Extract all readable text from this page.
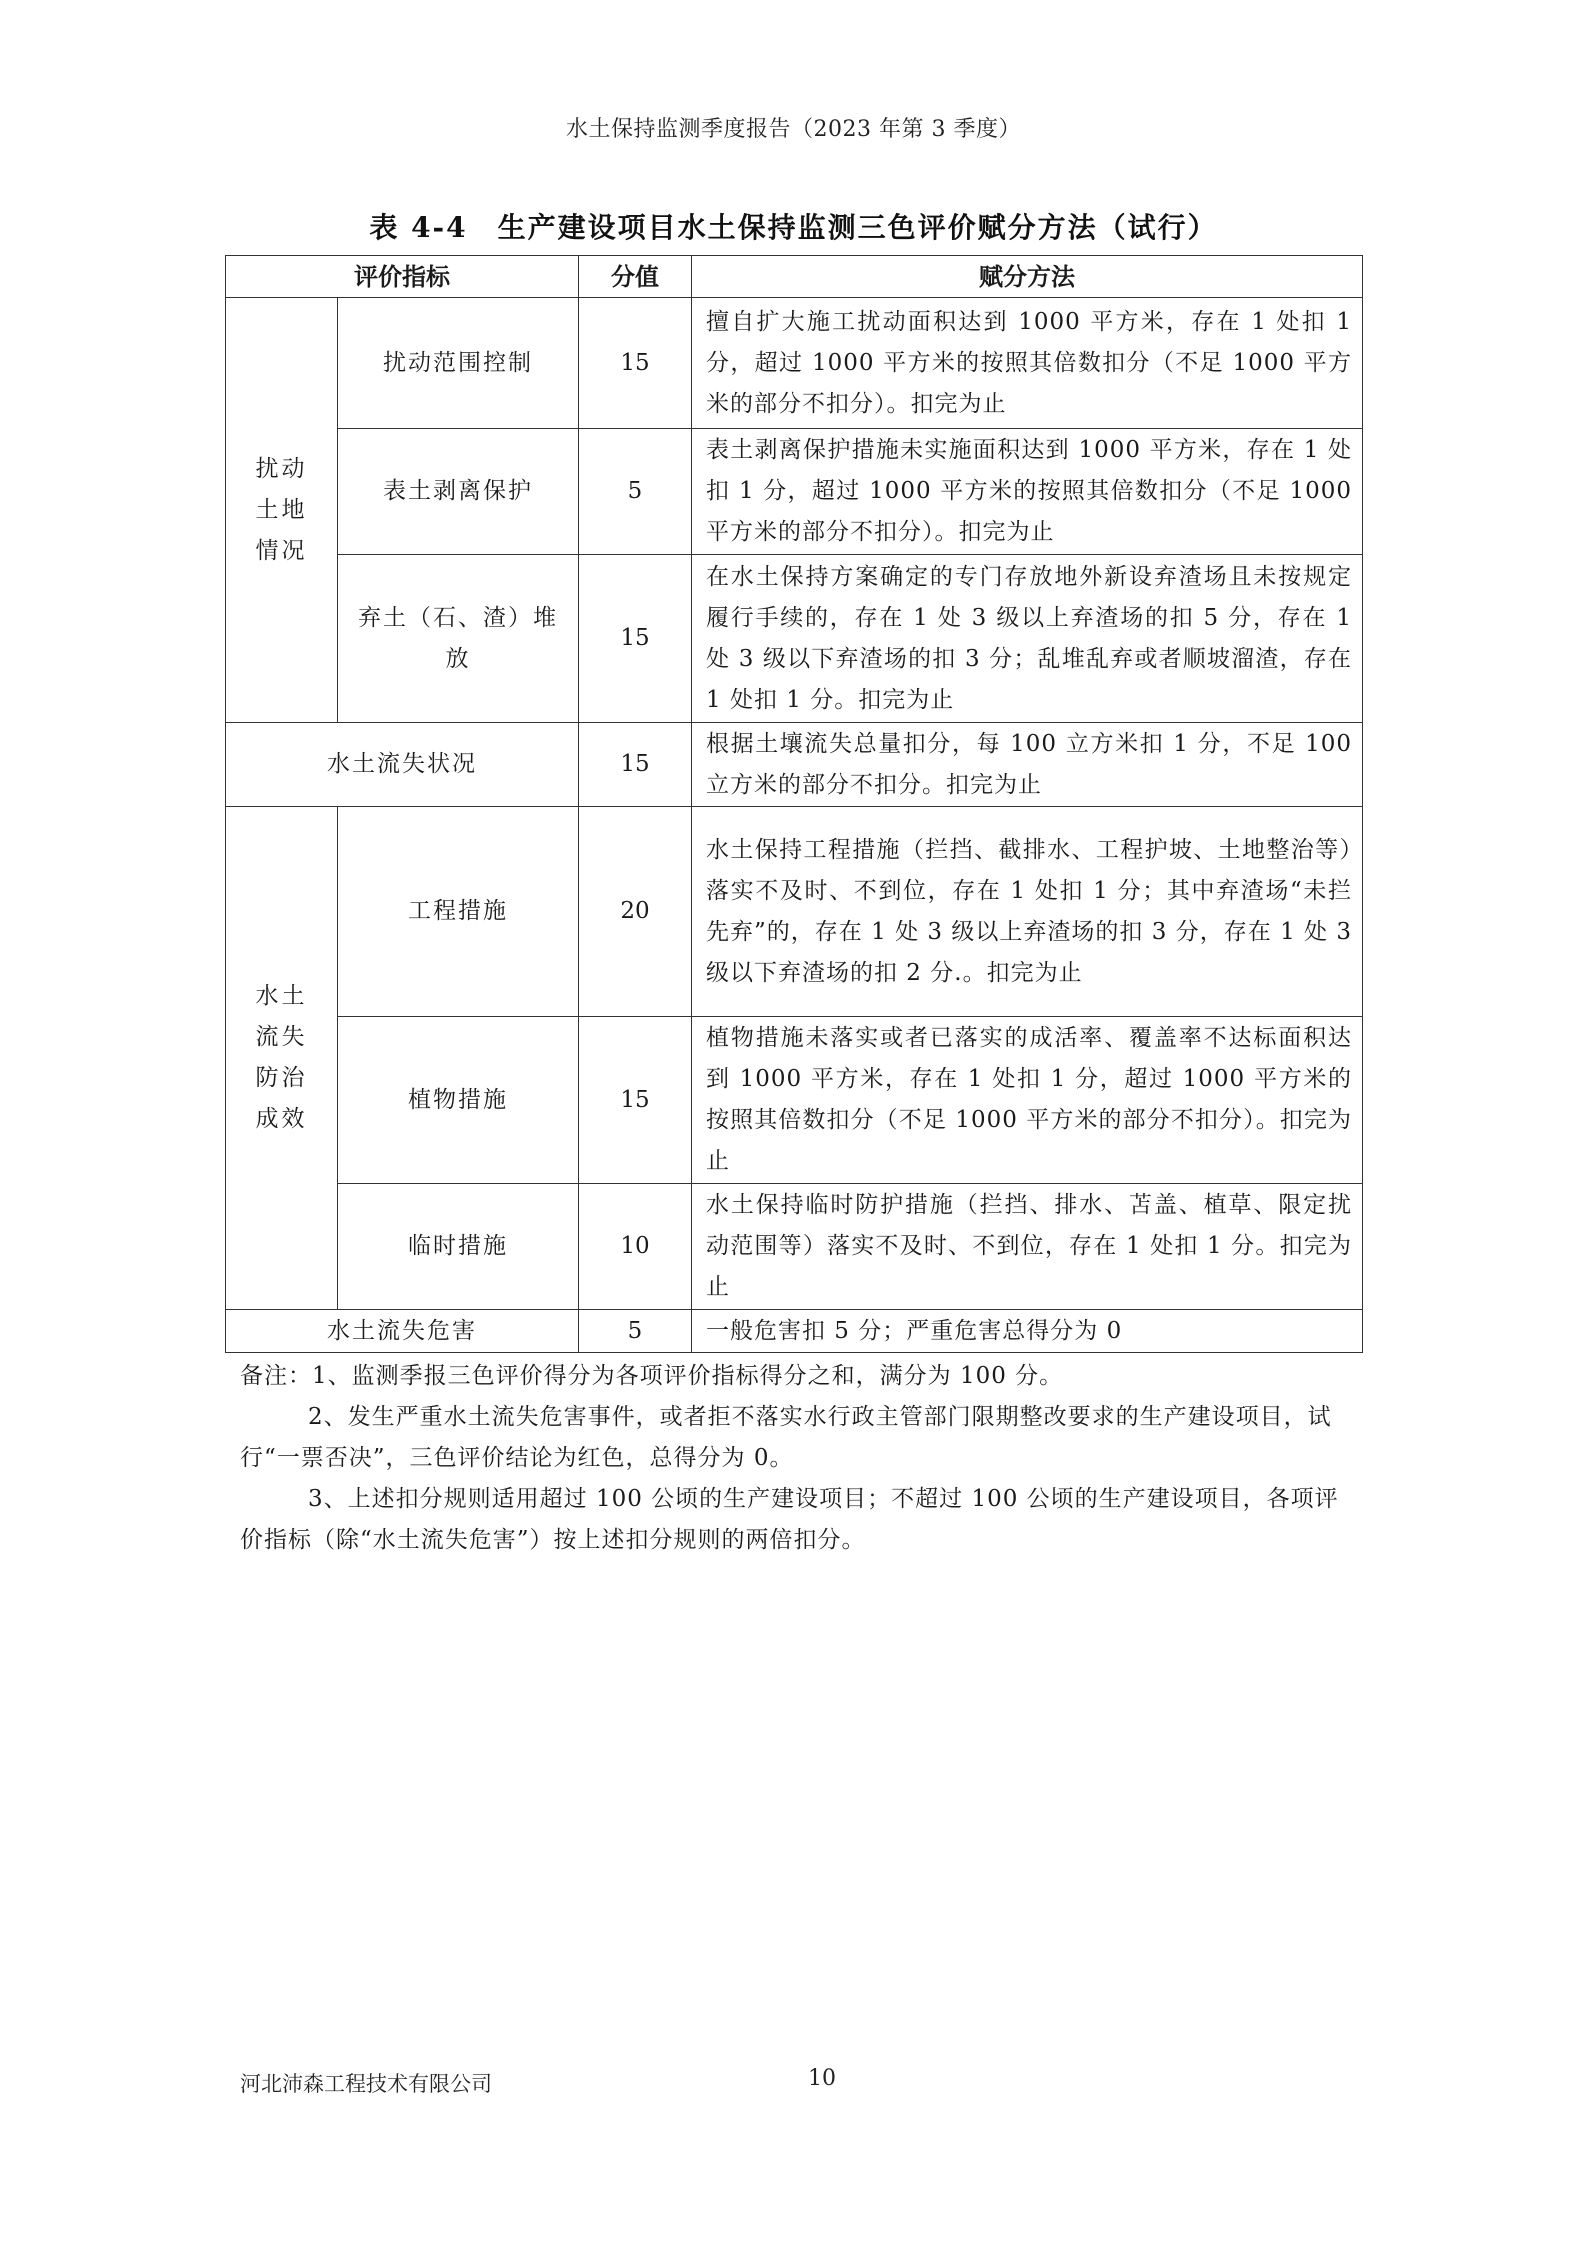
水土保持监测季度报告（2023 年第 3 季度）
表 4-4　生产建设项目水土保持监测三色评价赋分方法（试行）
评价指标		分值	赋分方法

扰动
土地
情况	扰动范围控制	15	擅自扩大施工扰动面积达到 1000 平方米，存在 1 处扣 1 分，超过 1000 平方米的按照其倍数扣分（不足 1000 平方米的部分不扣分）。扣完为止
	表土剥离保护	5	表土剥离保护措施未实施面积达到 1000 平方米，存在 1 处扣 1 分，超过 1000 平方米的按照其倍数扣分（不足 1000 平方米的部分不扣分）。扣完为止
	弃土（石、渣）堆放	15	在水土保持方案确定的专门存放地外新设弃渣场且未按规定履行手续的，存在 1 处 3 级以上弃渣场的扣 5 分，存在 1 处 3 级以下弃渣场的扣 3 分；乱堆乱弃或者顺坡溜渣，存在 1 处扣 1 分。扣完为止
水土流失状况		15	根据土壤流失总量扣分，每 100 立方米扣 1 分，不足 100 立方米的部分不扣分。扣完为止

水土
流失
防治
成效	工程措施	20	水土保持工程措施（拦挡、截排水、工程护坡、土地整治等）落实不及时、不到位，存在 1 处扣 1 分；其中弃渣场“未拦先弃”的，存在 1 处 3 级以上弃渣场的扣 3 分，存在 1 处 3 级以下弃渣场的扣 2 分.。扣完为止
	植物措施	15	植物措施未落实或者已落实的成活率、覆盖率不达标面积达到 1000 平方米，存在 1 处扣 1 分，超过 1000 平方米的按照其倍数扣分（不足 1000 平方米的部分不扣分）。扣完为止
	临时措施	10	水土保持临时防护措施（拦挡、排水、苫盖、植草、限定扰动范围等）落实不及时、不到位，存在 1 处扣 1 分。扣完为止
水土流失危害		5	一般危害扣 5 分；严重危害总得分为 0

备注：1、监测季报三色评价得分为各项评价指标得分之和，满分为 100 分。

2、发生严重水土流失危害事件，或者拒不落实水行政主管部门限期整改要求的生产建设项目，试行“一票否决”，三色评价结论为红色，总得分为 0。

3、上述扣分规则适用超过 100 公顷的生产建设项目；不超过 100 公顷的生产建设项目，各项评价指标（除“水土流失危害”）按上述扣分规则的两倍扣分。

河北沛森工程技术有限公司	10
